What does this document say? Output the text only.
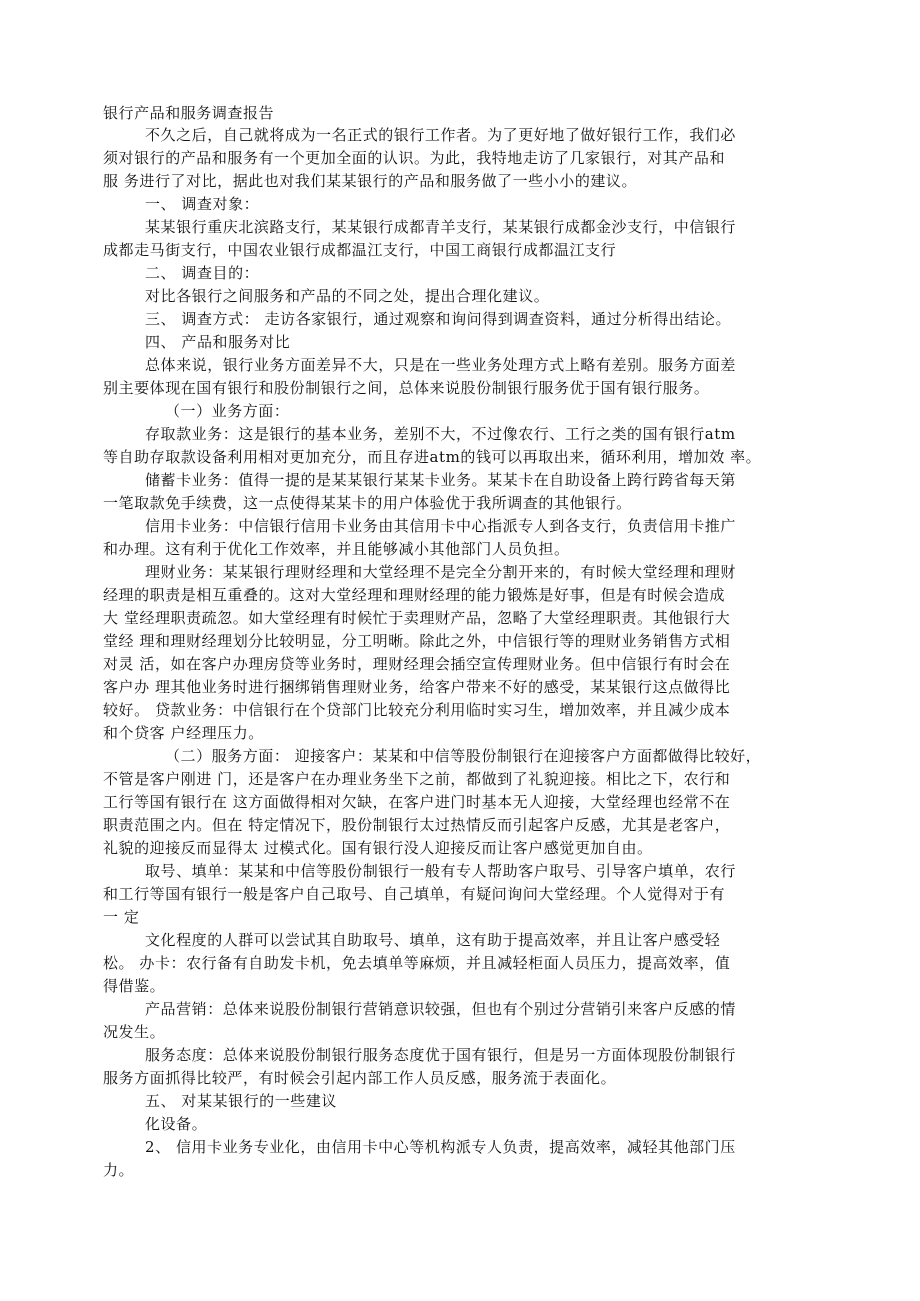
银行产品和服务调查报告
不久之后，自己就将成为一名正式的银行工作者。为了更好地了做好银行工作，我们必
须对银行的产品和服务有一个更加全面的认识。为此，我特地走访了几家银行，对其产品和
服 务进行了对比，据此也对我们某某银行的产品和服务做了一些小小的建议。
一、 调查对象：
某某银行重庆北滨路支行，某某银行成都青羊支行，某某银行成都金沙支行，中信银行
成都走马街支行，中国农业银行成都温江支行，中国工商银行成都温江支行
二、 调查目的：
对比各银行之间服务和产品的不同之处，提出合理化建议。
三、 调查方式： 走访各家银行，通过观察和询问得到调查资料，通过分析得出结论。
四、 产品和服务对比
总体来说，银行业务方面差异不大，只是在一些业务处理方式上略有差别。服务方面差
别主要体现在国有银行和股份制银行之间，总体来说股份制银行服务优于国有银行服务。
（一）业务方面：
存取款业务：这是银行的基本业务，差别不大，不过像农行、工行之类的国有银行atm
等自助存取款设备利用相对更加充分，而且存进atm的钱可以再取出来，循环利用，增加效 率。
储蓄卡业务：值得一提的是某某银行某某卡业务。某某卡在自助设备上跨行跨省每天第
一笔取款免手续费，这一点使得某某卡的用户体验优于我所调查的其他银行。
信用卡业务：中信银行信用卡业务由其信用卡中心指派专人到各支行，负责信用卡推广
和办理。这有利于优化工作效率，并且能够减小其他部门人员负担。
理财业务：某某银行理财经理和大堂经理不是完全分割开来的，有时候大堂经理和理财
经理的职责是相互重叠的。这对大堂经理和理财经理的能力锻炼是好事，但是有时候会造成
大 堂经理职责疏忽。如大堂经理有时候忙于卖理财产品，忽略了大堂经理职责。其他银行大
堂经 理和理财经理划分比较明显，分工明晰。除此之外，中信银行等的理财业务销售方式相
对灵 活，如在客户办理房贷等业务时，理财经理会插空宣传理财业务。但中信银行有时会在
客户办 理其他业务时进行捆绑销售理财业务，给客户带来不好的感受，某某银行这点做得比
较好。 贷款业务：中信银行在个贷部门比较充分利用临时实习生，增加效率，并且减少成本
和个贷客 户经理压力。
（二）服务方面： 迎接客户：某某和中信等股份制银行在迎接客户方面都做得比较好，
不管是客户刚进 门，还是客户在办理业务坐下之前，都做到了礼貌迎接。相比之下，农行和
工行等国有银行在 这方面做得相对欠缺，在客户进门时基本无人迎接，大堂经理也经常不在
职责范围之内。但在 特定情况下，股份制银行太过热情反而引起客户反感，尤其是老客户，
礼貌的迎接反而显得太 过模式化。国有银行没人迎接反而让客户感觉更加自由。
取号、填单：某某和中信等股份制银行一般有专人帮助客户取号、引导客户填单，农行
和工行等国有银行一般是客户自己取号、自己填单，有疑问询问大堂经理。个人觉得对于有
一 定
文化程度的人群可以尝试其自助取号、填单，这有助于提高效率，并且让客户感受轻
松。 办卡：农行备有自助发卡机，免去填单等麻烦，并且减轻柜面人员压力，提高效率，值
得借鉴。
产品营销：总体来说股份制银行营销意识较强，但也有个别过分营销引来客户反感的情
况发生。
服务态度：总体来说股份制银行服务态度优于国有银行，但是另一方面体现股份制银行
服务方面抓得比较严，有时候会引起内部工作人员反感，服务流于表面化。
五、 对某某银行的一些建议
化设备。
2、 信用卡业务专业化，由信用卡中心等机构派专人负责，提高效率，减轻其他部门压
力。
